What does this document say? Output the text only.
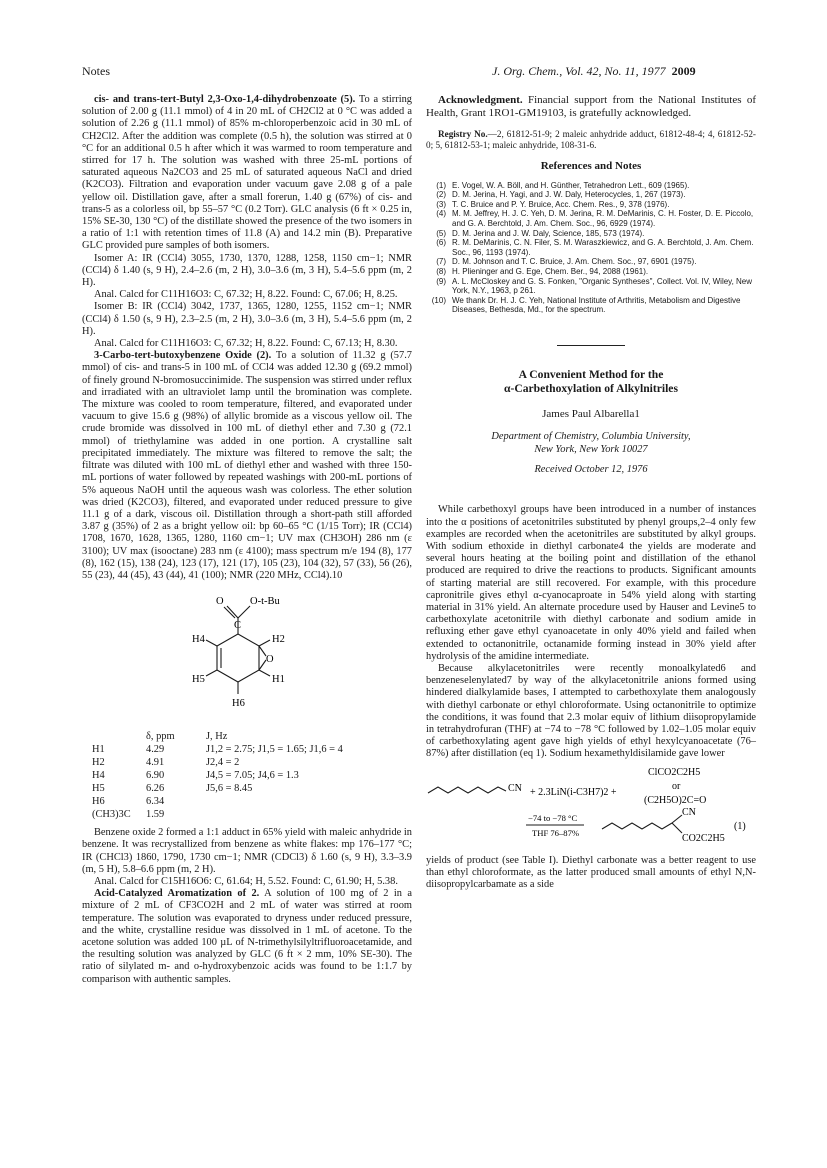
Notes	J. Org. Chem., Vol. 42, No. 11, 1977 2009

cis- and trans-tert-Butyl 2,3-Oxo-1,4-dihydrobenzoate (5). To a stirring solution of 2.00 g (11.1 mmol) of 4 in 20 mL of CH2Cl2 at 0 °C was added a solution of 2.26 g (11.1 mmol) of 85% m-chloroperbenzoic acid in 30 mL of CH2Cl2. After the addition was complete (0.5 h), the solution was stirred at 0 °C for an additional 0.5 h after which it was warmed to room temperature and stirred for 17 h. The solution was washed with three 25-mL portions of saturated aqueous Na2CO3 and 25 mL of saturated aqueous NaCl and dried (K2CO3). Filtration and evaporation under vacuum gave 2.08 g of a pale yellow oil. Distillation gave, after a small forerun, 1.40 g (67%) of cis- and trans-5 as a colorless oil, bp 55–57 °C (0.2 Torr). GLC analysis (6 ft × 0.25 in, 15% SE-30, 130 °C) of the distillate showed the presence of the two isomers in a ratio of 1:1 with retention times of 11.8 (A) and 14.2 min (B). Preparative GLC provided pure samples of both isomers.

Isomer A: IR (CCl4) 3055, 1730, 1370, 1288, 1258, 1150 cm−1; NMR (CCl4) δ 1.40 (s, 9 H), 2.4–2.6 (m, 2 H), 3.0–3.6 (m, 3 H), 5.4–5.6 ppm (m, 2 H).

Anal. Calcd for C11H16O3: C, 67.32; H, 8.22. Found: C, 67.06; H, 8.25.

Isomer B: IR (CCl4) 3042, 1737, 1365, 1280, 1255, 1152 cm−1; NMR (CCl4) δ 1.50 (s, 9 H), 2.3–2.5 (m, 2 H), 3.0–3.6 (m, 3 H), 5.4–5.6 ppm (m, 2 H).

Anal. Calcd for C11H16O3: C, 67.32; H, 8.22. Found: C, 67.13; H, 8.30.

3-Carbo-tert-butoxybenzene Oxide (2). To a solution of 11.32 g (57.7 mmol) of cis- and trans-5 in 100 mL of CCl4 was added 12.30 g (69.2 mmol) of finely ground N-bromosuccinimide. The suspension was stirred under reflux and irradiated with an ultraviolet lamp until the bromination was complete. The mixture was cooled to room temperature, filtered, and evaporated under vacuum to give 15.6 g (98%) of allylic bromide as a viscous yellow oil. The crude bromide was dissolved in 100 mL of diethyl ether and 7.30 g (72.1 mmol) of triethylamine was added in one portion. A crystalline salt precipitated immediately. The mixture was filtered to remove the salt; the filtrate was diluted with 100 mL of diethyl ether and washed with three 150-mL portions of water followed by repeated washings with 200-mL portions of 5% aqueous NaOH until the aqueous wash was colorless. The ether solution was dried (K2CO3), filtered, and evaporated under reduced pressure to give 11.1 g of a dark, viscous oil. Distillation through a short-path still afforded 3.87 g (35%) of 2 as a bright yellow oil: bp 60–65 °C (1/15 Torr); IR (CCl4) 1708, 1670, 1628, 1365, 1280, 1160 cm−1; UV max (CH3OH) 286 nm (ε 3100); UV max (isooctane) 283 nm (ε 4100); mass spectrum m/e 194 (8), 177 (8), 162 (15), 138 (24), 123 (17), 121 (17), 105 (23), 104 (32), 57 (33), 56 (26), 55 (23), 44 (45), 43 (44), 41 (100); NMR (220 MHz, CCl4).10

O	O-t-Bu
C
H4	H2
O
H5	H1
H6
	δ, ppm	J, Hz
H1	4.29	J1,2 = 2.75; J1,5 = 1.65; J1,6 = 4
H2	4.91	J2,4 = 2
H4	6.90	J4,5 = 7.05; J4,6 = 1.3
H5	6.26	J5,6 = 8.45
H6	6.34	
(CH3)3C	1.59	

Benzene oxide 2 formed a 1:1 adduct in 65% yield with maleic anhydride in benzene. It was recrystallized from benzene as white flakes: mp 176–177 °C; IR (CHCl3) 1860, 1790, 1730 cm−1; NMR (CDCl3) δ 1.60 (s, 9 H), 3.3–3.9 (m, 5 H), 5.8–6.6 ppm (m, 2 H).

Anal. Calcd for C15H16O6: C, 61.64; H, 5.52. Found: C, 61.90; H, 5.38.

Acid-Catalyzed Aromatization of 2. A solution of 100 mg of 2 in a mixture of 2 mL of CF3CO2H and 2 mL of water was stirred at room temperature. The solution was evaporated to dryness under reduced pressure, and the white, crystalline residue was dissolved in 1 mL of acetone. To the acetone solution was added 100 µL of N-trimethylsilyltrifluoroacetamide, and the resulting solution was analyzed by GLC (6 ft × 2 mm, 10% SE-30). The ratio of silylated m- and o-hydroxybenzoic acids was found to be 1:1.7 by comparison with authentic samples.

Acknowledgment. Financial support from the National Institutes of Health, Grant 1RO1-GM19103, is gratefully acknowledged.

Registry No.—2, 61812-51-9; 2 maleic anhydride adduct, 61812-48-4; 4, 61812-52-0; 5, 61812-53-1; maleic anhydride, 108-31-6.

References and Notes
(1) E. Vogel, W. A. Böll, and H. Günther, Tetrahedron Lett., 609 (1965).
(2) D. M. Jerina, H. Yagi, and J. W. Daly, Heterocycles, 1, 267 (1973).
(3) T. C. Bruice and P. Y. Bruice, Acc. Chem. Res., 9, 378 (1976).
(4) M. M. Jeffrey, H. J. C. Yeh, D. M. Jerina, R. M. DeMarinis, C. H. Foster, D. E. Piccolo, and G. A. Berchtold, J. Am. Chem. Soc., 96, 6929 (1974).
(5) D. M. Jerina and J. W. Daly, Science, 185, 573 (1974).
(6) R. M. DeMarinis, C. N. Filer, S. M. Waraszkiewicz, and G. A. Berchtold, J. Am. Chem. Soc., 96, 1193 (1974).
(7) D. M. Johnson and T. C. Bruice, J. Am. Chem. Soc., 97, 6901 (1975).
(8) H. Plieninger and G. Ege, Chem. Ber., 94, 2088 (1961).
(9) A. L. McCloskey and G. S. Fonken, "Organic Syntheses", Collect. Vol. IV, Wiley, New York, N.Y., 1963, p 261.
(10) We thank Dr. H. J. C. Yeh, National Institute of Arthritis, Metabolism and Digestive Diseases, Bethesda, Md., for the spectrum.
A Convenient Method for the
α-Carbethoxylation of Alkylnitriles
James Paul Albarella1
Department of Chemistry, Columbia University,
New York, New York 10027
Received October 12, 1976

While carbethoxyl groups have been introduced in a number of instances into the α positions of acetonitriles substituted by phenyl groups,2–4 only few examples are recorded when the acetonitriles are substituted by alkyl groups. With sodium ethoxide in diethyl carbonate4 the yields are moderate and several hours heating at the boiling point and distillation of the ethanol produced are required to drive the reactions to products. Significant amounts of starting material are still recovered. For example, with this procedure capronitrile gives ethyl α-cyanocaproate in 54% yield along with starting material in 31% yield. An alternate procedure used by Hauser and Levine5 to carbethoxylate acetonitrile with diethyl carbonate and sodium amide in refluxing ether gave ethyl cyanoacetate in only 40% yield and failed when extended to octanonitrile, octanamide forming instead in 30% yield after hydrolysis of the amidine intermediate.

Because alkylacetonitriles were recently monoalkylated6 and benzeneselenylated7 by way of the alkylacetonitrile anions formed using hindered dialkylamide bases, I attempted to carbethoxylate them analogously with diethyl carbonate or ethyl chloroformate. Using octanonitrile to optimize the conditions, it was found that 2.3 molar equiv of lithium diisopropylamide in tetrahydrofuran (THF) at −74 to −78 °C followed by 1.02–1.05 molar equiv of carbethoxylating agent gave high yields of ethyl hexylcyanoacetate (76–87%) after distillation (eq 1). Sodium hexamethyldisilamide gave lower

CN + 2.3LiN(i-C3H7)2 +
ClCO2C2H5
or
(C2H5O)2C=O
−74 to −78 °C
THF 76–87%
CN
CO2C2H5
(1)

yields of product (see Table I). Diethyl carbonate was a better reagent to use than ethyl chloroformate, as the latter produced small amounts of ethyl N,N-diisopropylcarbamate as a side
